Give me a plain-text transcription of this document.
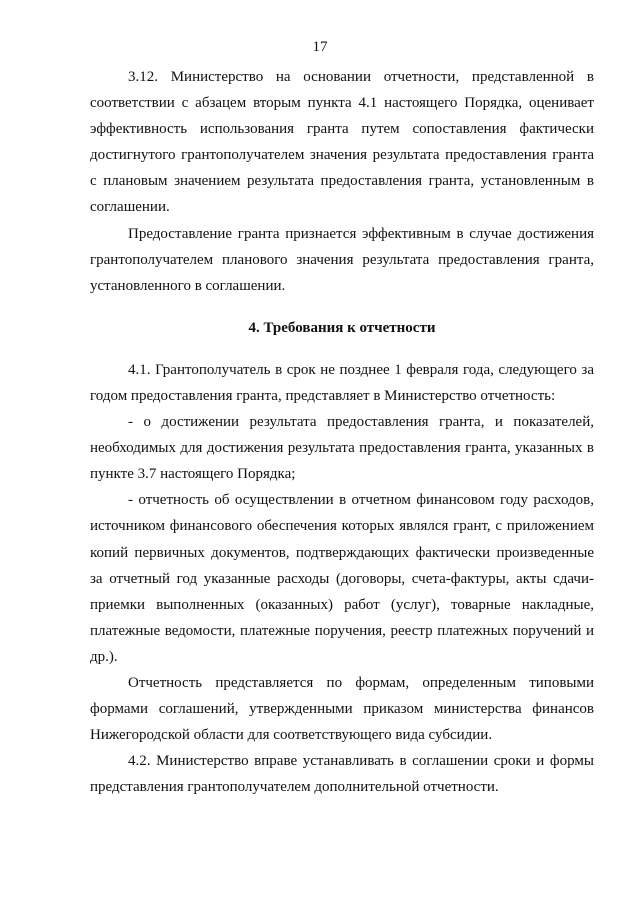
17

3.12. Министерство на основании отчетности, представленной в соответствии с абзацем вторым пункта 4.1 настоящего Порядка, оценивает эффективность использования гранта путем сопоставления фактически достигнутого грантополучателем значения результата предоставления гранта с плановым значением результата предоставления гранта, установленным в соглашении.

Предоставление гранта признается эффективным в случае достижения грантополучателем планового значения результата предоставления гранта, установленного в соглашении.

4. Требования к отчетности

4.1. Грантополучатель в срок не позднее 1 февраля года, следующего за годом предоставления гранта, представляет в Министерство отчетность:

- о достижении результата предоставления гранта, и показателей, необходимых для достижения результата предоставления гранта, указанных в пункте 3.7 настоящего Порядка;

- отчетность об осуществлении в отчетном финансовом году расходов, источником финансового обеспечения которых являлся грант, с приложением копий первичных документов, подтверждающих фактически произведенные за отчетный год указанные расходы (договоры, счета-фактуры, акты сдачи-приемки выполненных (оказанных) работ (услуг), товарные накладные, платежные ведомости, платежные поручения, реестр платежных поручений и др.).

Отчетность представляется по формам, определенным типовыми формами соглашений, утвержденными приказом министерства финансов Нижегородской области для соответствующего вида субсидии.

4.2. Министерство вправе устанавливать в соглашении сроки и формы представления грантополучателем дополнительной отчетности.
